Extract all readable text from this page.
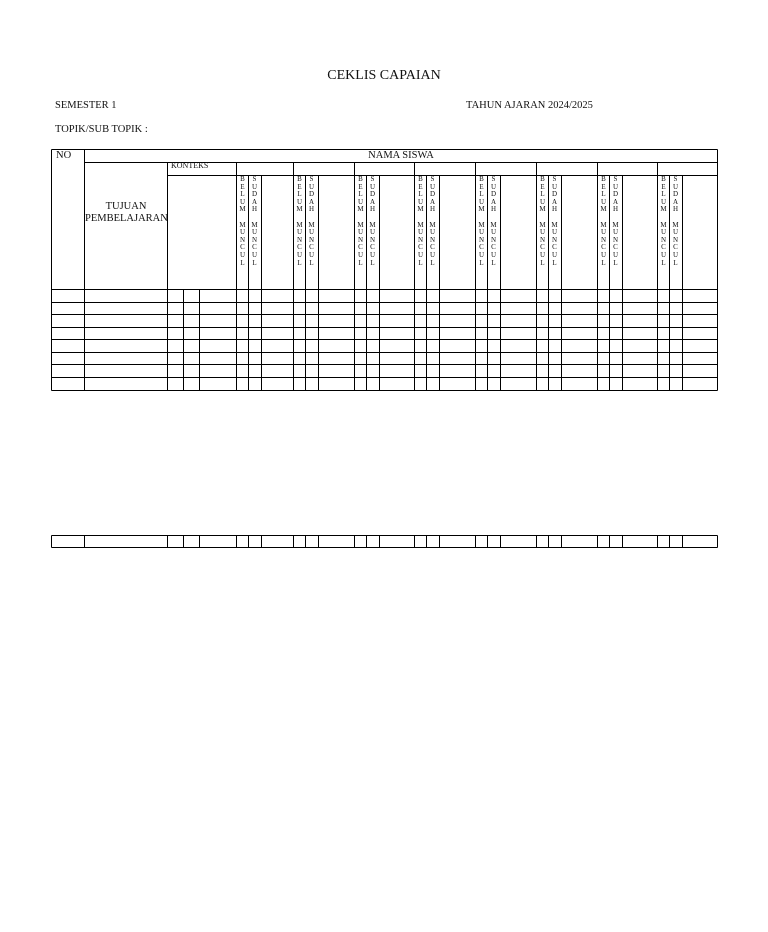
CEKLIS CAPAIAN
SEMESTER 1	TAHUN AJARAN 2024/2025
TOPIK/SUB TOPIK :
NO	NAMA SISWA
KONTEKS
TUJUAN
PEMBELAJARAN
B
E
L
U
M

M
U
N
C
U
L
S
U
D
A
H

M
U
N
C
U
L
B
E
L
U
M

M
U
N
C
U
L
S
U
D
A
H

M
U
N
C
U
L
B
E
L
U
M

M
U
N
C
U
L
S
U
D
A
H

M
U
N
C
U
L
B
E
L
U
M

M
U
N
C
U
L
S
U
D
A
H

M
U
N
C
U
L
B
E
L
U
M

M
U
N
C
U
L
S
U
D
A
H

M
U
N
C
U
L
B
E
L
U
M

M
U
N
C
U
L
S
U
D
A
H

M
U
N
C
U
L
B
E
L
U
M

M
U
N
C
U
L
S
U
D
A
H

M
U
N
C
U
L
B
E
L
U
M

M
U
N
C
U
L
S
U
D
A
H

M
U
N
C
U
L
